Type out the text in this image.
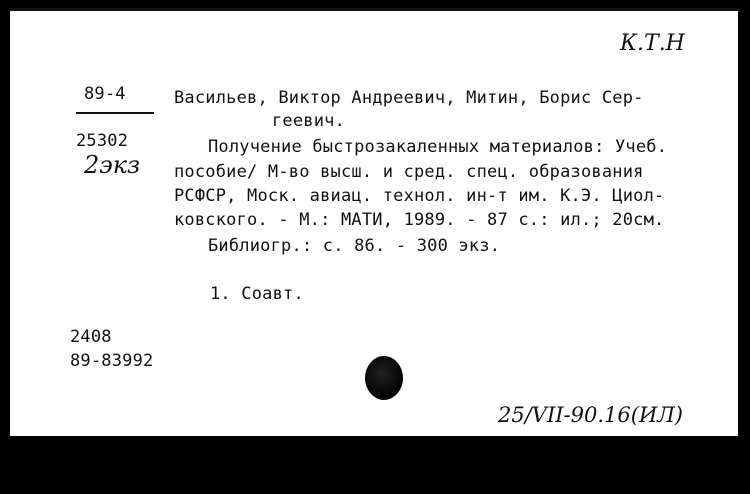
К.Т.Н

89-4

25302

2экз

Васильев, Виктор Андреевич, Митин, Борис Сер-

геевич.

Получение быстрозакаленных материалов: Учеб.

пособие/ М-во высш. и сред. спец. образования

РСФСР, Моск. авиац. технол. ин-т им. К.Э. Циол-

ковского. - М.: МАТИ, 1989. - 87 с.: ил.; 20см.

Библиогр.: с. 86. - 300 экз.

1. Соавт.

2408

89-83992

25/VII-90.16(ИЛ)
